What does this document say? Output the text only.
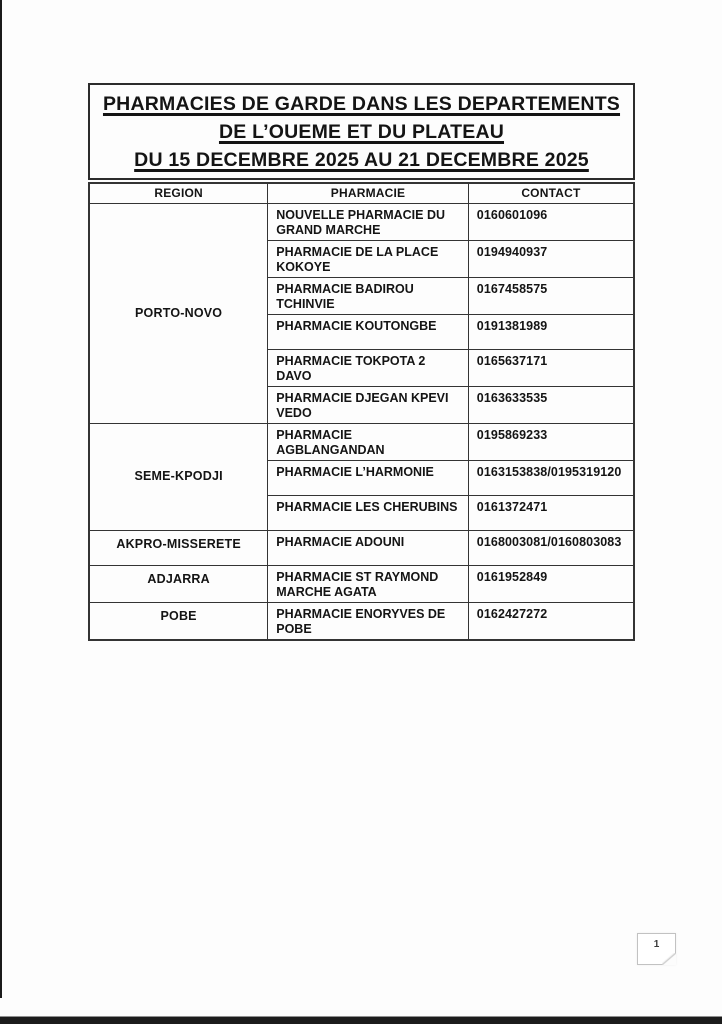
PHARMACIES DE GARDE DANS LES DEPARTEMENTS
DE L’OUEME ET DU PLATEAU
DU 15 DECEMBRE 2025 AU 21 DECEMBRE 2025
REGION	PHARMACIE	CONTACT
PORTO-NOVO	NOUVELLE PHARMACIE DU GRAND MARCHE	0160601096
	PHARMACIE DE LA PLACE KOKOYE	0194940937
	PHARMACIE BADIROU TCHINVIE	0167458575
	PHARMACIE KOUTONGBE	0191381989
	PHARMACIE TOKPOTA 2 DAVO	0165637171
	PHARMACIE DJEGAN KPEVI VEDO	0163633535
SEME-KPODJI	PHARMACIE AGBLANGANDAN	0195869233
	PHARMACIE L’HARMONIE	0163153838/0195319120
	PHARMACIE LES CHERUBINS	0161372471
AKPRO-MISSERETE	PHARMACIE ADOUNI	0168003081/0160803083
ADJARRA	PHARMACIE ST RAYMOND MARCHE AGATA	0161952849
POBE	PHARMACIE ENORYVES DE POBE	0162427272
1
